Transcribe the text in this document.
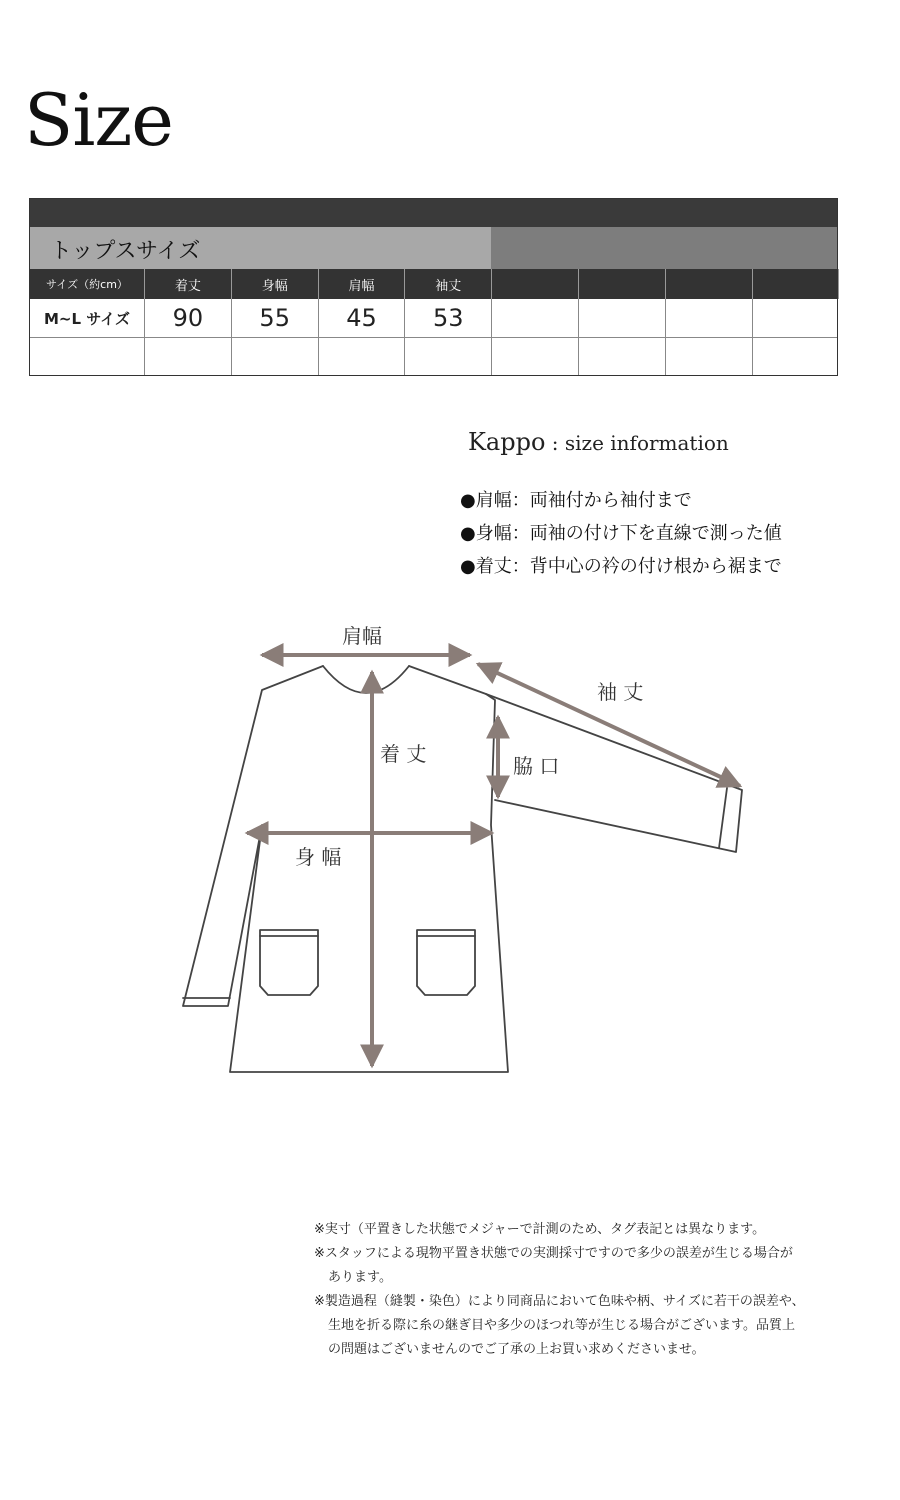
Size
トップスサイズ
サイズ（約cm）	着丈	身幅	肩幅	袖丈
M~L サイズ	90	55	45	53
Kappo : size information
●肩幅：両袖付から袖付まで
●身幅：両袖の付け下を直線で測った値
●着丈：背中心の衿の付け根から裾まで
肩幅
袖 丈
着 丈	脇 口
身 幅
※実寸（平置きした状態でメジャーで計測のため、タグ表記とは異なります。
※スタッフによる現物平置き状態での実測採寸ですので多少の誤差が生じる場合が
あります。
※製造過程（縫製・染色）により同商品において色味や柄、サイズに若干の誤差や、
生地を折る際に糸の継ぎ目や多少のほつれ等が生じる場合がございます。品質上
の問題はございませんのでご了承の上お買い求めくださいませ。
